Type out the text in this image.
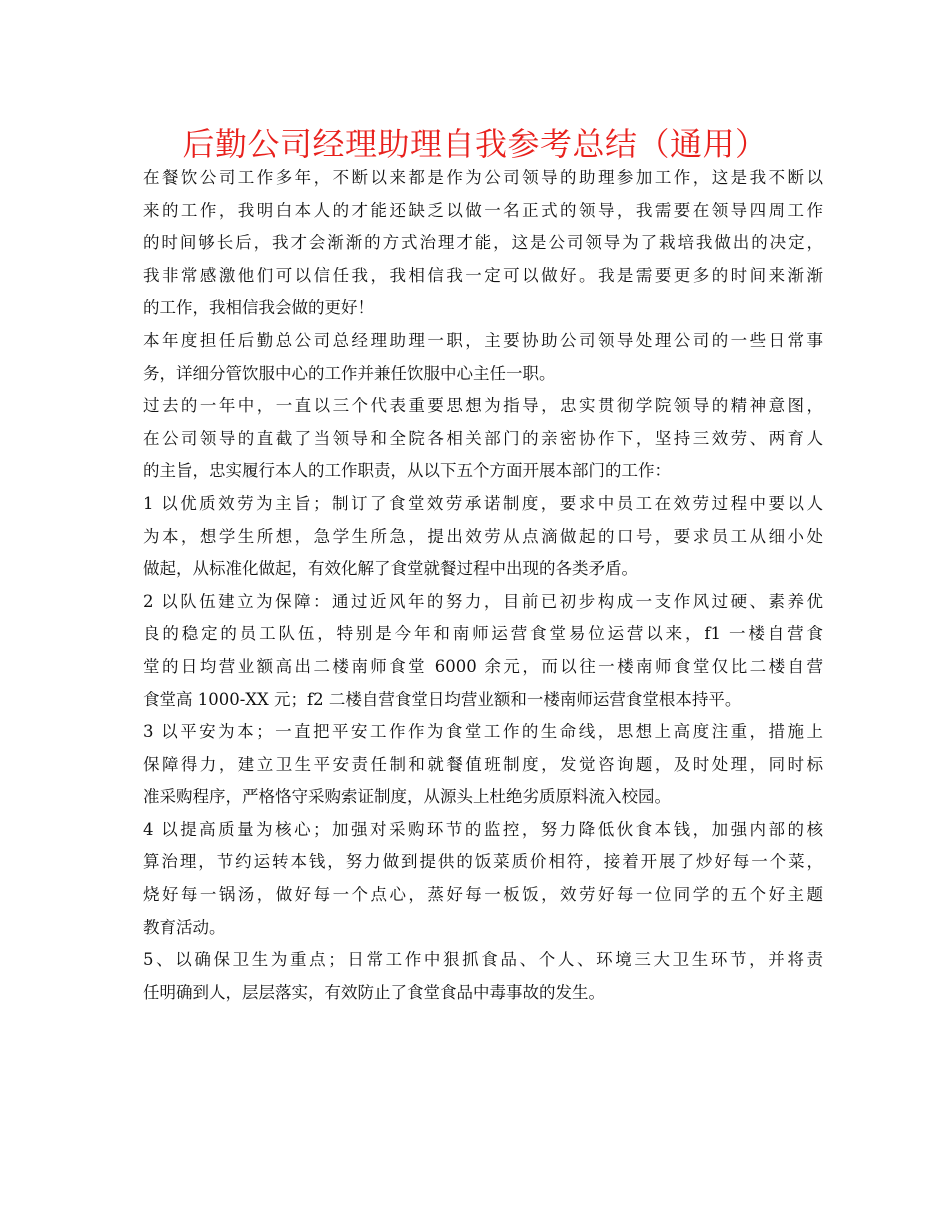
后勤公司经理助理自我参考总结（通用）
在餐饮公司工作多年，不断以来都是作为公司领导的助理参加工作，这是我不断以
来的工作，我明白本人的才能还缺乏以做一名正式的领导，我需要在领导四周工作
的时间够长后，我才会渐渐的方式治理才能，这是公司领导为了栽培我做出的决定，
我非常感激他们可以信任我，我相信我一定可以做好。我是需要更多的时间来渐渐
的工作，我相信我会做的更好！
本年度担任后勤总公司总经理助理一职，主要协助公司领导处理公司的一些日常事
务，详细分管饮服中心的工作并兼任饮服中心主任一职。
过去的一年中，一直以三个代表重要思想为指导，忠实贯彻学院领导的精神意图，
在公司领导的直截了当领导和全院各相关部门的亲密协作下，坚持三效劳、两育人
的主旨，忠实履行本人的工作职责，从以下五个方面开展本部门的工作：
1 以优质效劳为主旨；制订了食堂效劳承诺制度，要求中员工在效劳过程中要以人
为本，想学生所想，急学生所急，提出效劳从点滴做起的口号，要求员工从细小处
做起，从标准化做起，有效化解了食堂就餐过程中出现的各类矛盾。
2 以队伍建立为保障：通过近风年的努力，目前已初步构成一支作风过硬、素养优
良的稳定的员工队伍，特别是今年和南师运营食堂易位运营以来，f1 一楼自营食
堂的日均营业额高出二楼南师食堂 6000 余元，而以往一楼南师食堂仅比二楼自营
食堂高 1000-XX 元；f2 二楼自营食堂日均营业额和一楼南师运营食堂根本持平。
3 以平安为本；一直把平安工作作为食堂工作的生命线，思想上高度注重，措施上
保障得力，建立卫生平安责任制和就餐值班制度，发觉咨询题，及时处理，同时标
准采购程序，严格恪守采购索证制度，从源头上杜绝劣质原料流入校园。
4 以提高质量为核心；加强对采购环节的监控，努力降低伙食本钱，加强内部的核
算治理，节约运转本钱，努力做到提供的饭菜质价相符，接着开展了炒好每一个菜，
烧好每一锅汤，做好每一个点心，蒸好每一板饭，效劳好每一位同学的五个好主题
教育活动。
5、以确保卫生为重点；日常工作中狠抓食品、个人、环境三大卫生环节，并将责
任明确到人，层层落实，有效防止了食堂食品中毒事故的发生。
